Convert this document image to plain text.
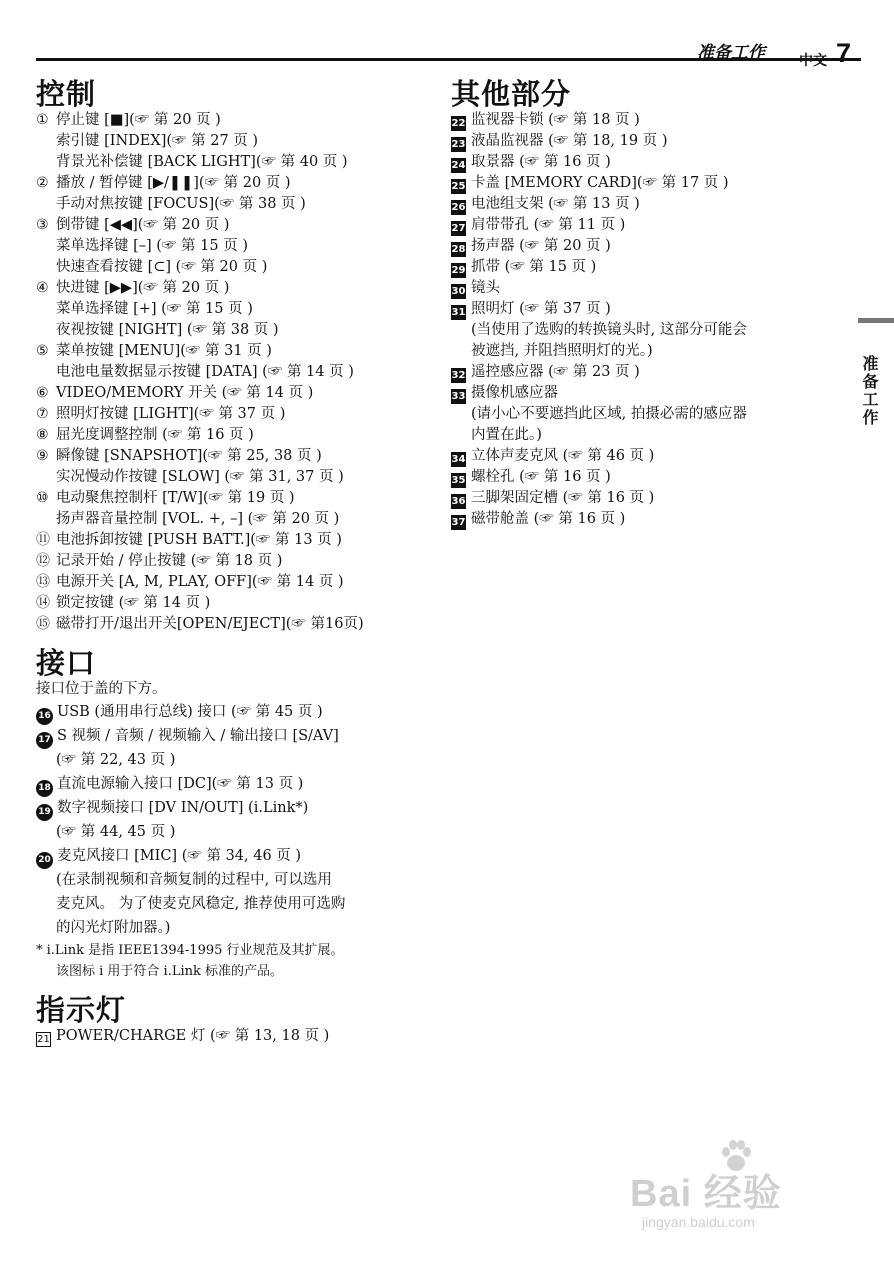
准备工作 中文 7
准备工作
控制
① 停止键 [■](☞ 第 20 页 )
索引键 [INDEX](☞ 第 27 页 )
背景光补偿键 [BACK LIGHT](☞ 第 40 页 )
② 播放 / 暂停键 [▶/❚❚](☞ 第 20 页 )
手动对焦按键 [FOCUS](☞ 第 38 页 )
③ 倒带键 [◀◀](☞ 第 20 页 )
菜单选择键 [–] (☞ 第 15 页 )
快速查看按键 [⊂] (☞ 第 20 页 )
④ 快进键 [▶▶](☞ 第 20 页 )
菜单选择键 [+] (☞ 第 15 页 )
夜视按键 [NIGHT] (☞ 第 38 页 )
⑤ 菜单按键 [MENU](☞ 第 31 页 )
电池电量数据显示按键 [DATA] (☞ 第 14 页 )
⑥ VIDEO/MEMORY 开关 (☞ 第 14 页 )
⑦ 照明灯按键 [LIGHT](☞ 第 37 页 )
⑧ 屈光度调整控制 (☞ 第 16 页 )
⑨ 瞬像键 [SNAPSHOT](☞ 第 25, 38 页 )
实况慢动作按键 [SLOW] (☞ 第 31, 37 页 )
⑩ 电动聚焦控制杆 [T/W](☞ 第 19 页 )
扬声器音量控制 [VOL. +, –] (☞ 第 20 页 )
⑪ 电池拆卸按键 [PUSH BATT.](☞ 第 13 页 )
⑫ 记录开始 / 停止按键 (☞ 第 18 页 )
⑬ 电源开关 [A, M, PLAY, OFF](☞ 第 14 页 )
⑭ 锁定按键 (☞ 第 14 页 )
⑮ 磁带打开/退出开关[OPEN/EJECT](☞ 第16页)
接口
接口位于盖的下方。
16 USB (通用串行总线) 接口 (☞ 第 45 页 )
17 S 视频 / 音频 / 视频输入 / 输出接口 [S/AV]
(☞ 第 22, 43 页 )
18 直流电源输入接口 [DC](☞ 第 13 页 )
19 数字视频接口 [DV IN/OUT] (i.Link*)
(☞ 第 44, 45 页 )
20 麦克风接口 [MIC] (☞ 第 34, 46 页 )
(在录制视频和音频复制的过程中, 可以选用
麦克风。 为了使麦克风稳定, 推荐使用可选购
的闪光灯附加器。)
* i.Link 是指 IEEE1394-1995 行业规范及其扩展。
该图标 i 用于符合 i.Link 标准的产品。
指示灯
21 POWER/CHARGE 灯 (☞ 第 13, 18 页 )
其他部分
22 监视器卡锁 (☞ 第 18 页 )
23 液晶监视器 (☞ 第 18, 19 页 )
24 取景器 (☞ 第 16 页 )
25 卡盖 [MEMORY CARD](☞ 第 17 页 )
26 电池组支架 (☞ 第 13 页 )
27 肩带带孔 (☞ 第 11 页 )
28 扬声器 (☞ 第 20 页 )
29 抓带 (☞ 第 15 页 )
30 镜头
31 照明灯 (☞ 第 37 页 )
(当使用了选购的转换镜头时, 这部分可能会
被遮挡, 并阻挡照明灯的光。)
32 遥控感应器 (☞ 第 23 页 )
33 摄像机感应器
(请小心不要遮挡此区域, 拍摄必需的感应器
内置在此。)
34 立体声麦克风 (☞ 第 46 页 )
35 螺栓孔 (☞ 第 16 页 )
36 三脚架固定槽 (☞ 第 16 页 )
37 磁带舱盖 (☞ 第 16 页 )
Bai 经验
jingyan.baidu.com
